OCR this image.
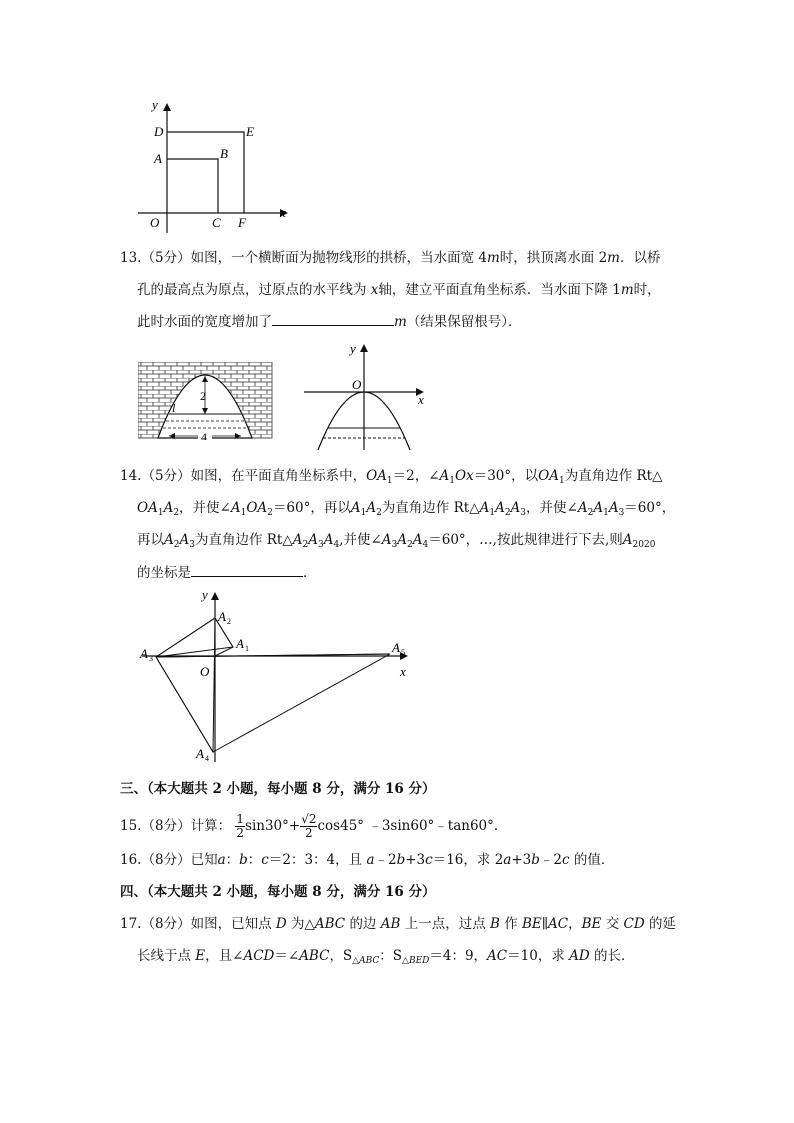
y
x
O
D
A
E
B
C F
13.（5分）如图，一个横断面为抛物线形的拱桥，当水面宽 4m时，拱顶离水面 2m．以桥
孔的最高点为原点，过原点的水平线为 x轴，建立平面直角坐标系．当水面下降 1m时，
此时水面的宽度增加了	m（结果保留根号）．
2
4
l
y
x
O
14.（5分）如图，在平面直角坐标系中，$OA_1=2$，$\angle A_1Ox=30^\circ$，以$OA_1$为直角边作 Rt△
$OA_1A_2$，并使$\angle A_1OA_2=60^\circ$，再以$A_1A_2$为直角边作 $Rt\triangle A_1A_2A_3$，并使$\angle A_2A_1A_3=60^\circ$，
再以$A_2A_3$为直角边作 $Rt\triangle A_2A_3A_4$,并使$\angle A_3A_2A_4=60^\circ$，…,按此规律进行下去,则$A_{2020}$
的坐标是	．
y
x
O
A 1
A 2
A 3
A 4
A 5
三、（本大题共 2 小题，每小题 8 分，满分 16 分）
15.（8分）计算： $\frac{1}{2} \sin 30^\circ+ \frac{√2}{2} \cos 45^\circ$ ﹣3sin60°﹣tan60°．
16.（8分）已知a：b：c＝2：3：4，且 a﹣2b+3c＝16，求 2a+3b﹣2c 的值．
四、（本大题共 2 小题，每小题 8 分，满分 16 分）
17.（8分）如图，已知点 D 为△ABC 的边 AB 上一点，过点 B 作 BE∥AC，BE 交 CD 的延
长线于点 E，且∠ACD＝∠ABC，$S_{\triangle ABC}$：$S_{\triangle BED}=4$：9，AC＝10，求 AD 的长．
